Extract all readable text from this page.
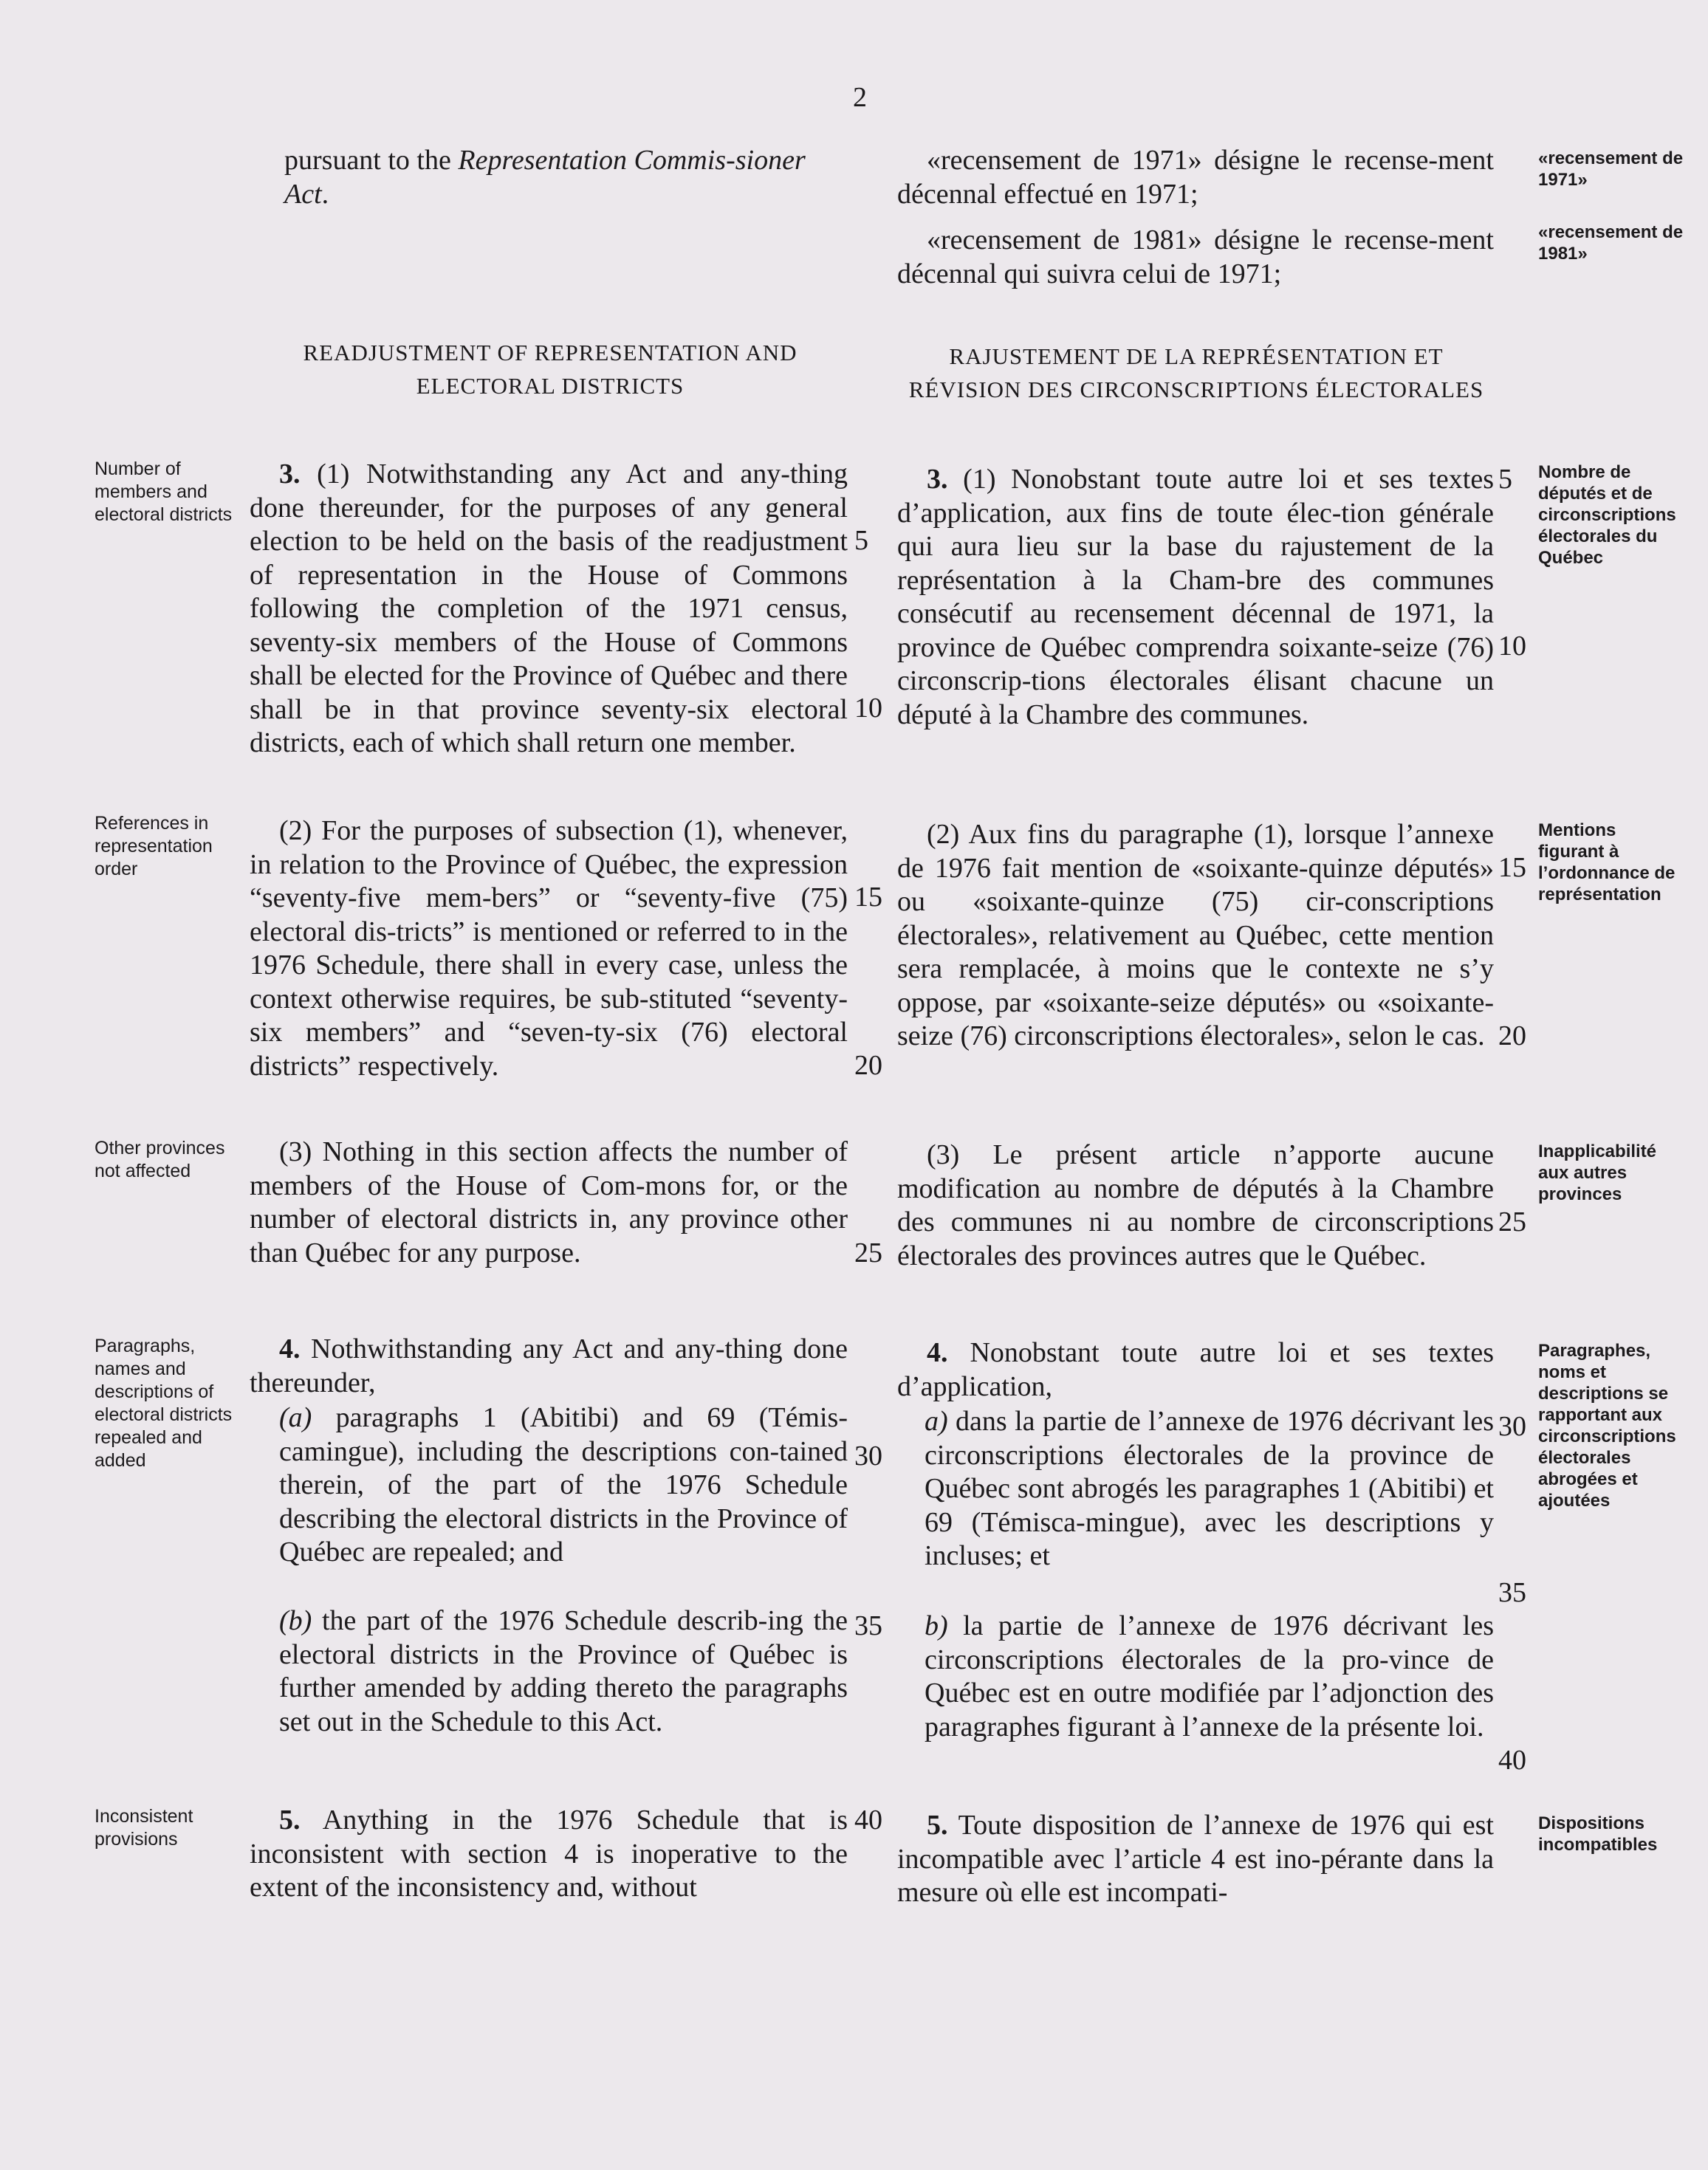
2
pursuant to the Representation Commis-sioner Act.
«recensement de 1971» désigne le recense-ment décennal effectué en 1971;
«recensement de 1981» désigne le recense-ment décennal qui suivra celui de 1971;
«recensement de 1971»
«recensement de 1981»
READJUSTMENT OF REPRESENTATION AND ELECTORAL DISTRICTS
RAJUSTEMENT DE LA REPRÉSENTATION ET RÉVISION DES CIRCONSCRIPTIONS ÉLECTORALES
Number of members and electoral districts
3. (1) Notwithstanding any Act and any-thing done thereunder, for the purposes of any general election to be held on the basis of the readjustment of representation in the House of Commons following the completion of the 1971 census, seventy-six members of the House of Commons shall be elected for the Province of Québec and there shall be in that province seventy-six electoral districts, each of which shall return one member.
3. (1) Nonobstant toute autre loi et ses textes d’application, aux fins de toute élec-tion générale qui aura lieu sur la base du rajustement de la représentation à la Cham-bre des communes consécutif au recensement décennal de 1971, la province de Québec comprendra soixante-seize (76) circonscrip-tions électorales élisant chacune un député à la Chambre des communes.
Nombre de députés et de circonscriptions électorales du Québec
References in representation order
(2) For the purposes of subsection (1), whenever, in relation to the Province of Québec, the expression “seventy-five mem-bers” or “seventy-five (75) electoral dis-tricts” is mentioned or referred to in the 1976 Schedule, there shall in every case, unless the context otherwise requires, be sub-stituted “seventy-six members” and “seven-ty-six (76) electoral districts” respectively.
(2) Aux fins du paragraphe (1), lorsque l’annexe de 1976 fait mention de «soixante-quinze députés» ou «soixante-quinze (75) cir-conscriptions électorales», relativement au Québec, cette mention sera remplacée, à moins que le contexte ne s’y oppose, par «soixante-seize députés» ou «soixante-seize (76) circonscriptions électorales», selon le cas.
Mentions figurant à l’ordonnance de représentation
Other provinces not affected
(3) Nothing in this section affects the number of members of the House of Com-mons for, or the number of electoral districts in, any province other than Québec for any purpose.
(3) Le présent article n’apporte aucune modification au nombre de députés à la Chambre des communes ni au nombre de circonscriptions électorales des provinces autres que le Québec.
Inapplicabilité aux autres provinces
Paragraphs, names and descriptions of electoral districts repealed and added
4. Nothwithstanding any Act and any-thing done thereunder,
(a) paragraphs 1 (Abitibi) and 69 (Témis-camingue), including the descriptions con-tained therein, of the part of the 1976 Schedule describing the electoral districts in the Province of Québec are repealed; and
(b) the part of the 1976 Schedule describ-ing the electoral districts in the Province of Québec is further amended by adding thereto the paragraphs set out in the Schedule to this Act.
4. Nonobstant toute autre loi et ses textes d’application,
a) dans la partie de l’annexe de 1976 décrivant les circonscriptions électorales de la province de Québec sont abrogés les paragraphes 1 (Abitibi) et 69 (Témisca-mingue), avec les descriptions y incluses; et
b) la partie de l’annexe de 1976 décrivant les circonscriptions électorales de la pro-vince de Québec est en outre modifiée par l’adjonction des paragraphes figurant à l’annexe de la présente loi.
Paragraphes, noms et descriptions se rapportant aux circonscriptions électorales abrogées et ajoutées
Inconsistent provisions
5. Anything in the 1976 Schedule that is inconsistent with section 4 is inoperative to the extent of the inconsistency and, without
5. Toute disposition de l’annexe de 1976 qui est incompatible avec l’article 4 est ino-pérante dans la mesure où elle est incompati-
Dispositions incompatibles
5
10
15
20
25
30
35
40
5
10
15
20
25
30
35
40
